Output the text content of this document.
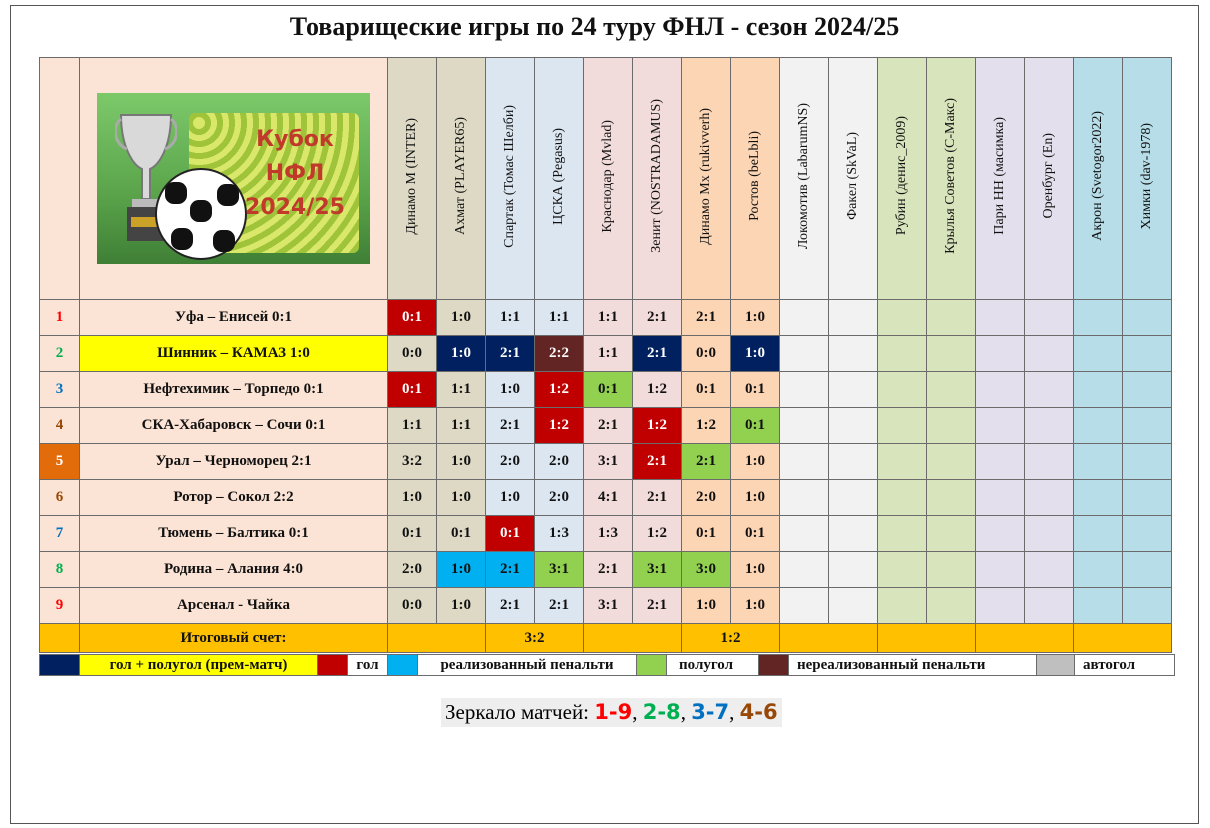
Товарищеские игры по 24 туру ФНЛ - сезон 2024/25

	Кубок
НФЛ
2024/25	Динамо М (INTER)	Ахмат (PLAYER65)	Спартак (Томас Шелби)	ЦСКА (Pegasus)	Краснодар (Mvlad)	Зенит (NOSTRADAMUS)	Динамо Мх (rukivverh)	Ростов (beLbli)	Локомотив (LabarumNS)	Факел (SkVaL)	Рубин (денис_2009)	Крылья Советов (С-Макс)	Пари НН (масимка)	Оренбург (En)	Акрон (Svetogor2022)	Химки (dav-1978)
1	Уфа – Енисей 0:1	0:1	1:0	1:1	1:1	1:1	2:1	2:1	1:0								
2	Шинник – КАМАЗ 1:0	0:0	1:0	2:1	2:2	1:1	2:1	0:0	1:0								
3	Нефтехимик – Торпедо 0:1	0:1	1:1	1:0	1:2	0:1	1:2	0:1	0:1								
4	СКА-Хабаровск – Сочи 0:1	1:1	1:1	2:1	1:2	2:1	1:2	1:2	0:1								
5	Урал – Черноморец 2:1	3:2	1:0	2:0	2:0	3:1	2:1	2:1	1:0								
6	Ротор – Сокол 2:2	1:0	1:0	1:0	2:0	4:1	2:1	2:0	1:0								
7	Тюмень – Балтика 0:1	0:1	0:1	0:1	1:3	1:3	1:2	0:1	0:1								
8	Родина – Алания 4:0	2:0	1:0	2:1	3:1	2:1	3:1	3:0	1:0								
9	Арсенал - Чайка	0:0	1:0	2:1	2:1	3:1	2:1	1:0	1:0								
	Итоговый счет:			3:2				1:2									
	гол + полугол (прем-матч)		гол		реализованный пенальти		полугол		нереализованный пенальти		автогол
Зеркало матчей: 1-9, 2-8, 3-7, 4-6
